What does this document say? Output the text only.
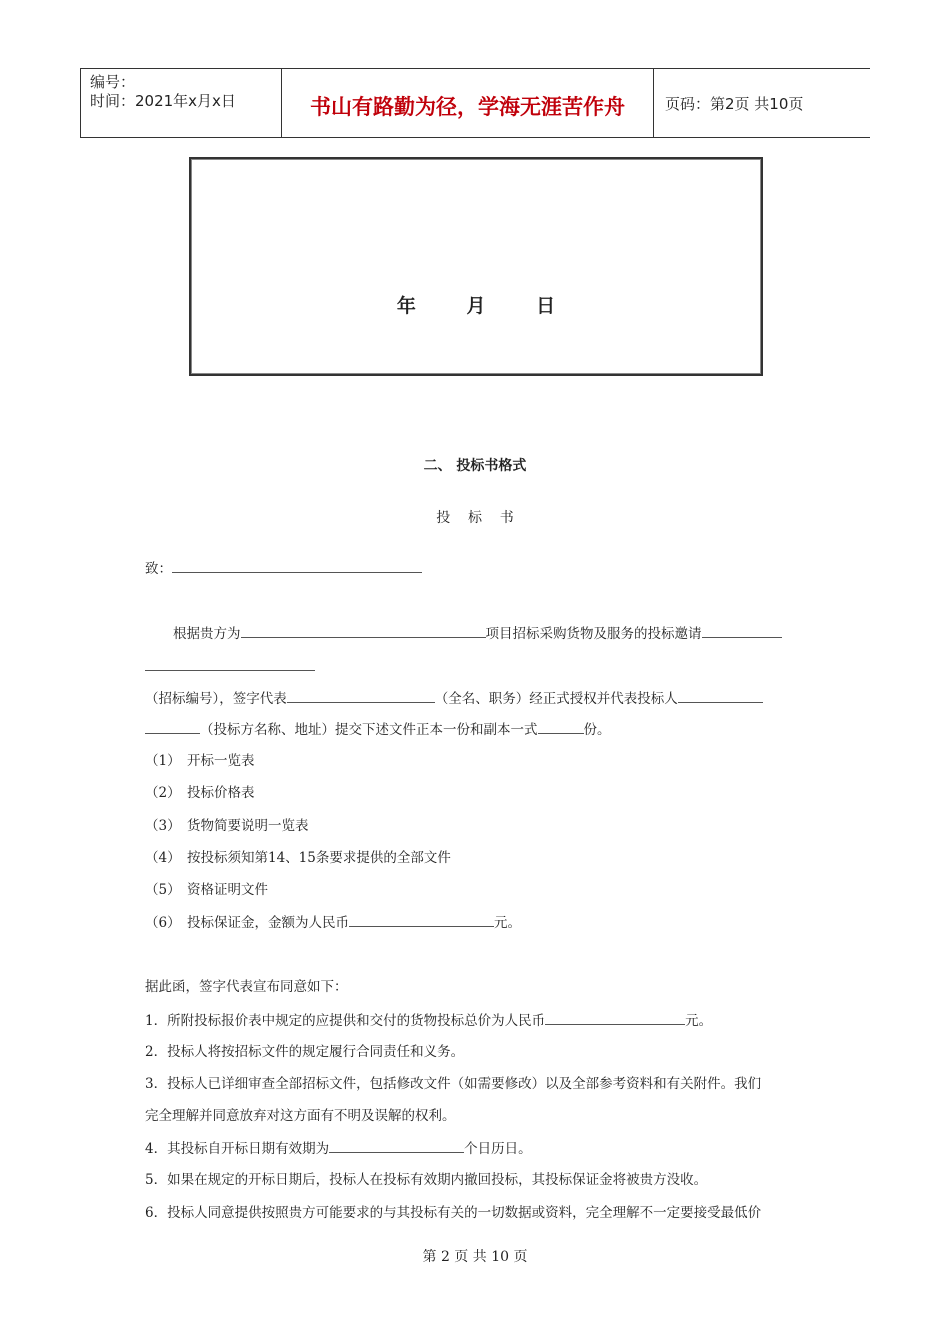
编号：
时间：2021年x月x日	书山有路勤为径，学海无涯苦作舟	页码：第2页 共10页
年	月	日
二、 投标书格式
投    标    书
致：
根据贵方为	项目招标采购货物及服务的投标邀请
（招标编号），签字代表	（全名、职务）经正式授权并代表投标人
（投标方名称、地址）提交下述文件正本一份和副本一式	份。
（1） 开标一览表
（2） 投标价格表
（3） 货物简要说明一览表
（4） 按投标须知第14、15条要求提供的全部文件
（5） 资格证明文件
（6） 投标保证金，金额为人民币	元。
据此函，签字代表宣布同意如下：
1．所附投标报价表中规定的应提供和交付的货物投标总价为人民币	元。
2．投标人将按招标文件的规定履行合同责任和义务。
3．投标人已详细审查全部招标文件，包括修改文件（如需要修改）以及全部参考资料和有关附件。我们
完全理解并同意放弃对这方面有不明及误解的权利。
4．其投标自开标日期有效期为	个日历日。
5．如果在规定的开标日期后，投标人在投标有效期内撤回投标，其投标保证金将被贵方没收。
6．投标人同意提供按照贵方可能要求的与其投标有关的一切数据或资料，完全理解不一定要接受最低价
第 2 页 共 10 页
